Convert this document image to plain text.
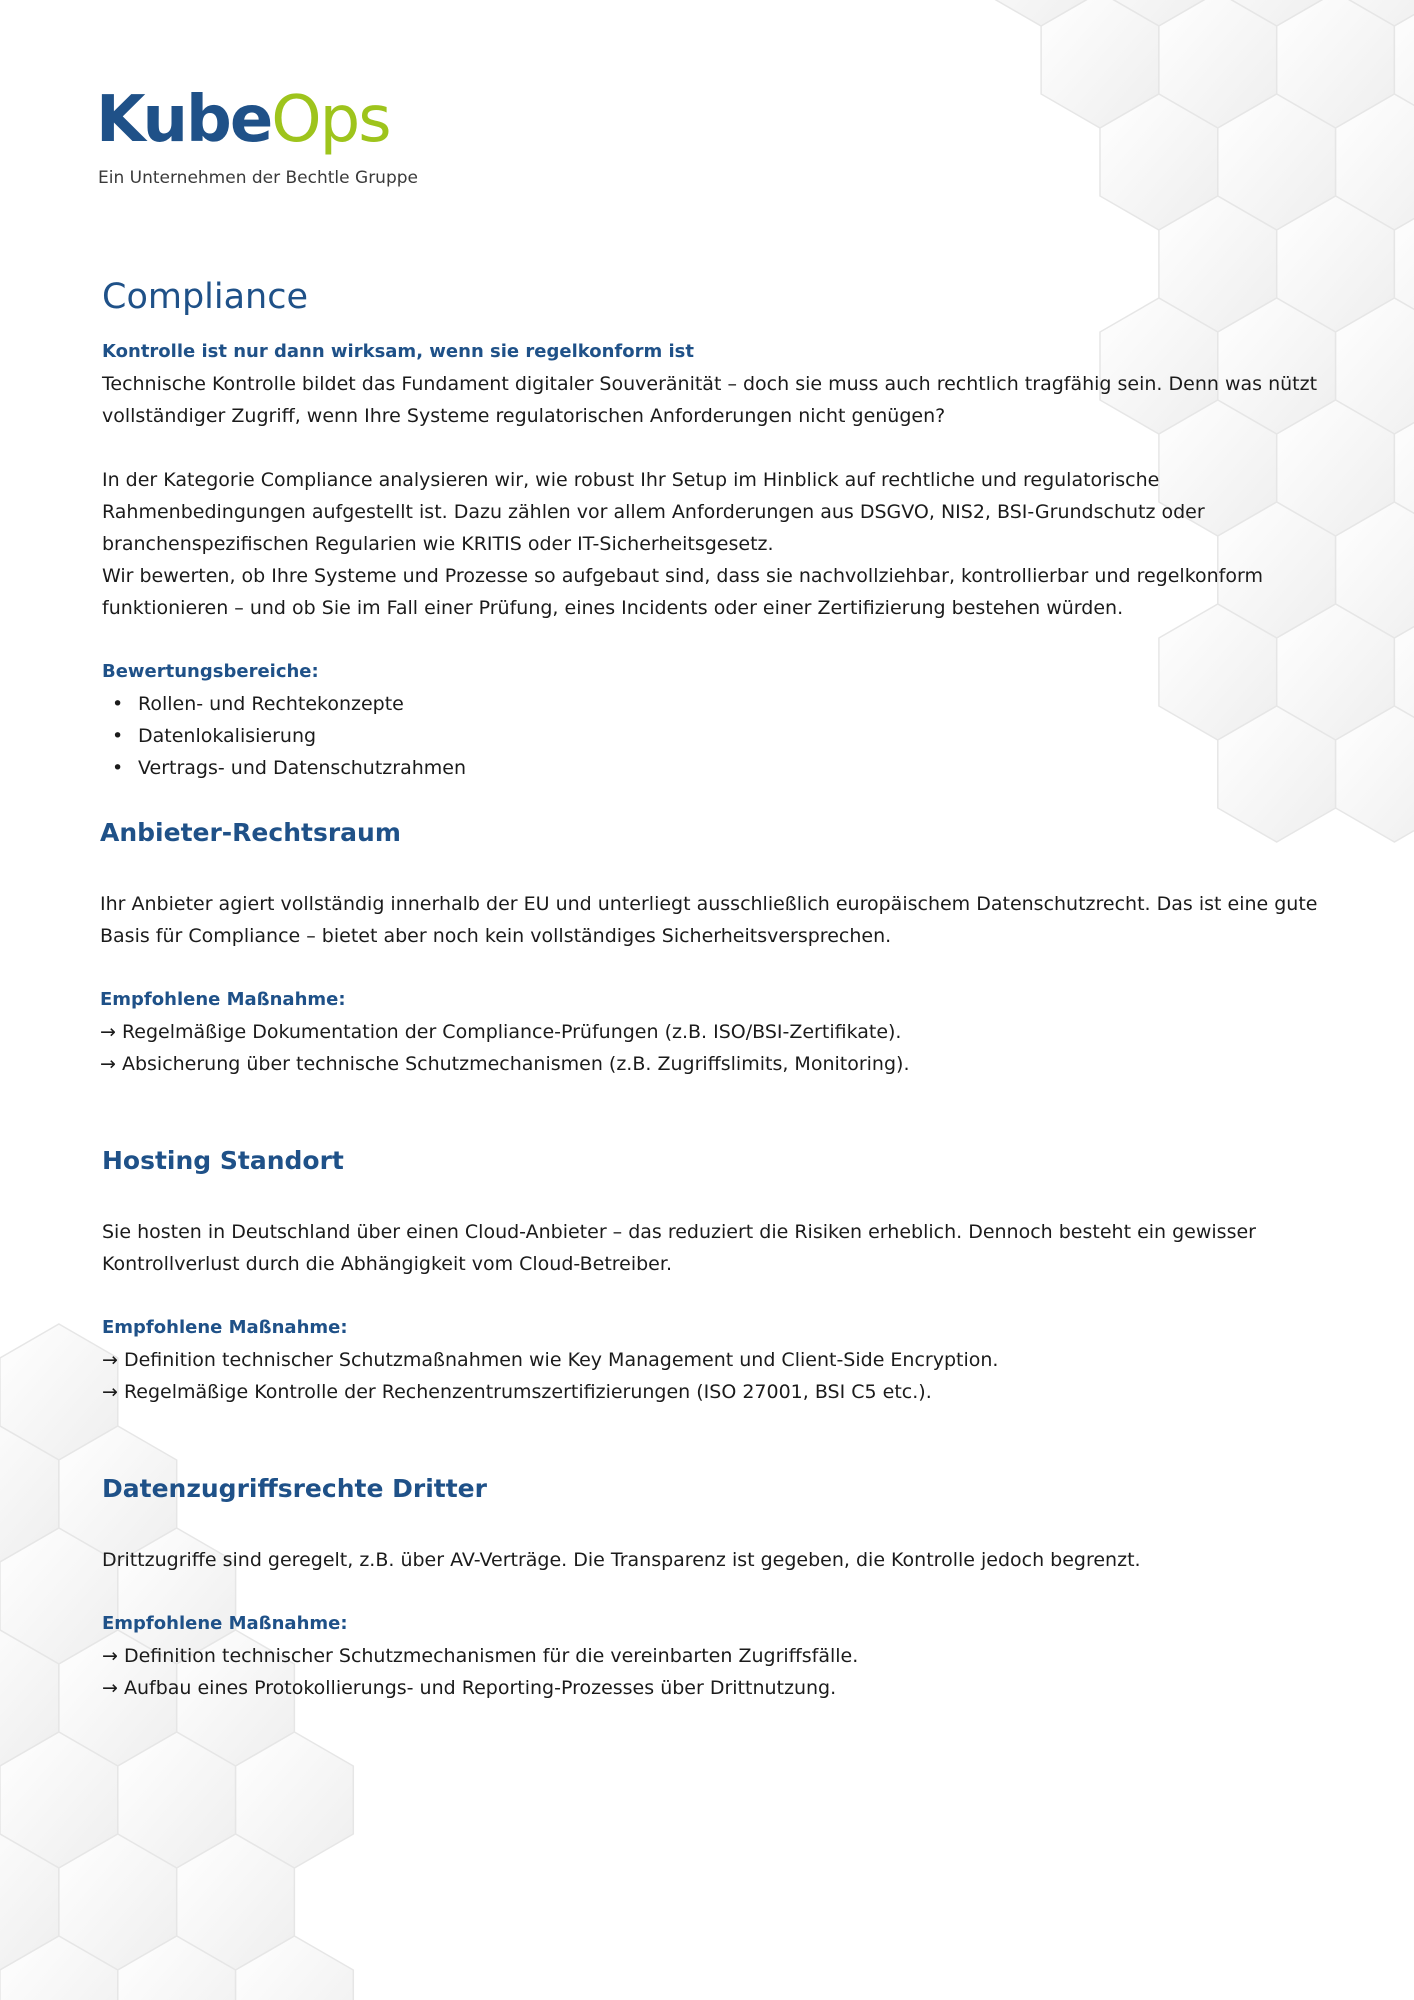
KubeOps
Ein Unternehmen der Bechtle Gruppe
Compliance
Kontrolle ist nur dann wirksam, wenn sie regelkonform ist
Technische Kontrolle bildet das Fundament digitaler Souveränität – doch sie muss auch rechtlich tragfähig sein. Denn was nützt
vollständiger Zugriff, wenn Ihre Systeme regulatorischen Anforderungen nicht genügen?
In der Kategorie Compliance analysieren wir, wie robust Ihr Setup im Hinblick auf rechtliche und regulatorische
Rahmenbedingungen aufgestellt ist. Dazu zählen vor allem Anforderungen aus DSGVO, NIS2, BSI-Grundschutz oder
branchenspezifischen Regularien wie KRITIS oder IT-Sicherheitsgesetz.
Wir bewerten, ob Ihre Systeme und Prozesse so aufgebaut sind, dass sie nachvollziehbar, kontrollierbar und regelkonform
funktionieren – und ob Sie im Fall einer Prüfung, eines Incidents oder einer Zertifizierung bestehen würden.
Bewertungsbereiche:
• Rollen- und Rechtekonzepte
• Datenlokalisierung
• Vertrags- und Datenschutzrahmen
Anbieter-Rechtsraum
Ihr Anbieter agiert vollständig innerhalb der EU und unterliegt ausschließlich europäischem Datenschutzrecht. Das ist eine gute
Basis für Compliance – bietet aber noch kein vollständiges Sicherheitsversprechen.
Empfohlene Maßnahme:
→ Regelmäßige Dokumentation der Compliance-Prüfungen (z.B. ISO/BSI-Zertifikate).
→ Absicherung über technische Schutzmechanismen (z.B. Zugriffslimits, Monitoring).
Hosting Standort
Sie hosten in Deutschland über einen Cloud-Anbieter – das reduziert die Risiken erheblich. Dennoch besteht ein gewisser
Kontrollverlust durch die Abhängigkeit vom Cloud-Betreiber.
Empfohlene Maßnahme:
→ Definition technischer Schutzmaßnahmen wie Key Management und Client-Side Encryption.
→ Regelmäßige Kontrolle der Rechenzentrumszertifizierungen (ISO 27001, BSI C5 etc.).
Datenzugriffsrechte Dritter
Drittzugriffe sind geregelt, z.B. über AV-Verträge. Die Transparenz ist gegeben, die Kontrolle jedoch begrenzt.
Empfohlene Maßnahme:
→ Definition technischer Schutzmechanismen für die vereinbarten Zugriffsfälle.
→ Aufbau eines Protokollierungs- und Reporting-Prozesses über Drittnutzung.
